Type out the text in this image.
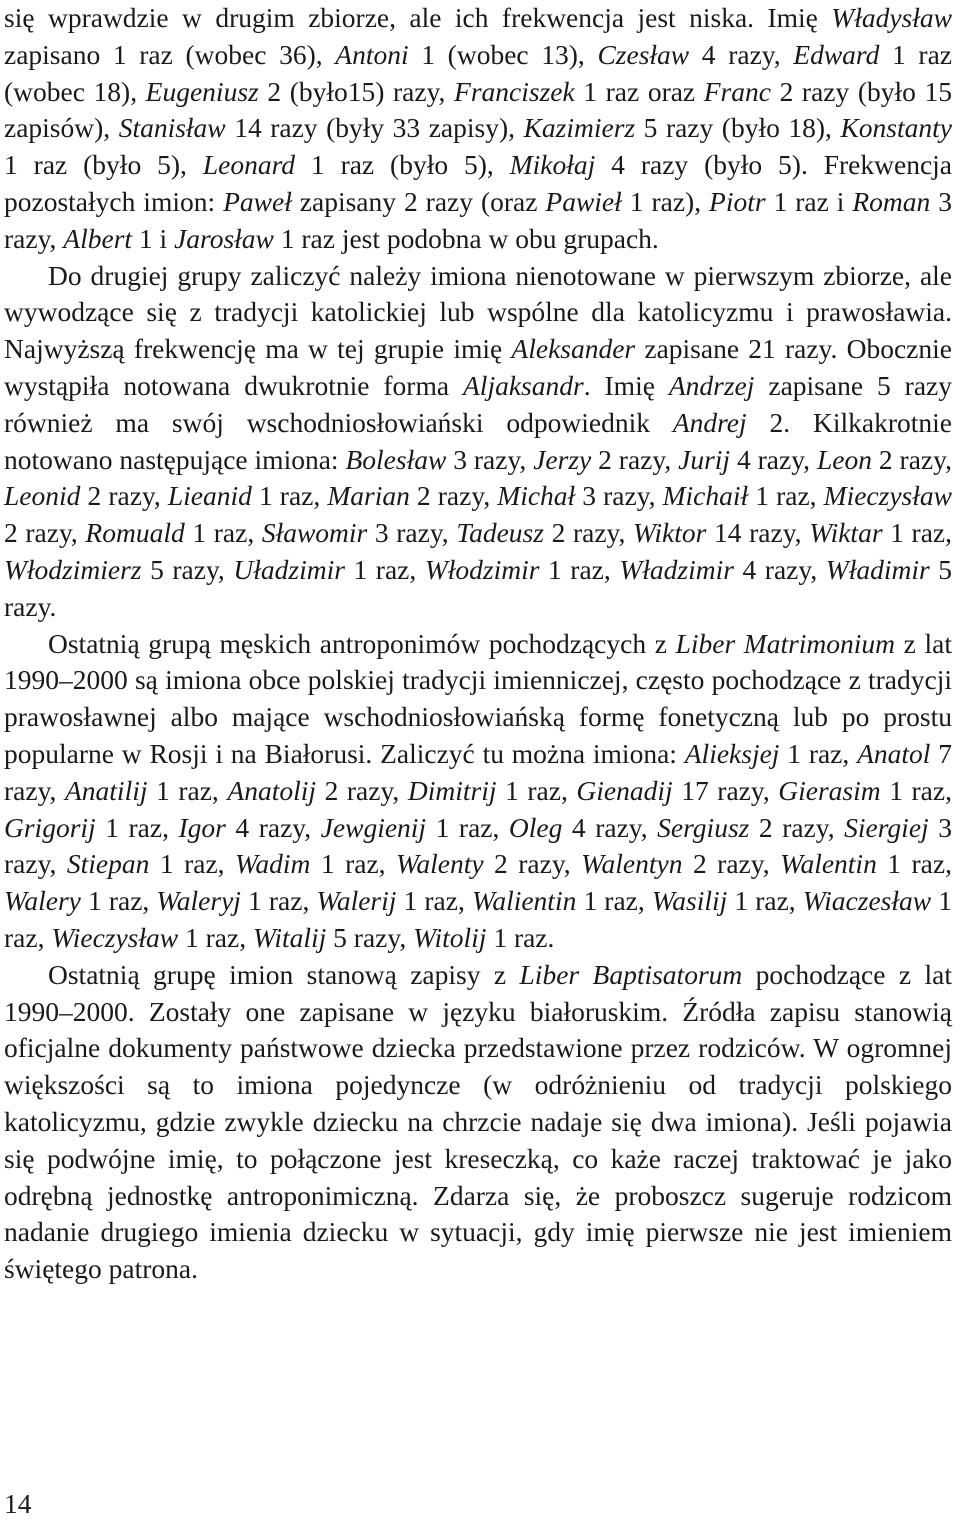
się wprawdzie w drugim zbiorze, ale ich frekwencja jest niska. Imię Władysław zapisano 1 raz (wobec 36), Antoni 1 (wobec 13), Czesław 4 razy, Edward 1 raz (wobec 18), Eugeniusz 2 (było15) razy, Franciszek 1 raz oraz Franc 2 razy (było 15 zapisów), Stanisław 14 razy (były 33 zapisy), Kazimierz 5 razy (było 18), Konstanty 1 raz (było 5), Leonard 1 raz (było 5), Mikołaj 4 razy (było 5). Frekwencja pozostałych imion: Paweł zapisany 2 razy (oraz Pawieł 1 raz), Piotr 1 raz i Roman 3 razy, Albert 1 i Jarosław 1 raz jest podobna w obu grupach.

Do drugiej grupy zaliczyć należy imiona nienotowane w pierwszym zbiorze, ale wywodzące się z tradycji katolickiej lub wspólne dla katolicyzmu i prawosławia. Najwyższą frekwencję ma w tej grupie imię Aleksander zapisane 21 razy. Obocznie wystąpiła notowana dwukrotnie forma Aljaksandr. Imię Andrzej zapisane 5 razy również ma swój wschodniosłowiański odpowiednik Andrej 2. Kilkakrotnie notowano następujące imiona: Bolesław 3 razy, Jerzy 2 razy, Jurij 4 razy, Leon 2 razy, Leonid 2 razy, Lieanid 1 raz, Marian 2 razy, Michał 3 razy, Michaił 1 raz, Mieczysław 2 razy, Romuald 1 raz, Sławomir 3 razy, Tadeusz 2 razy, Wiktor 14 razy, Wiktar 1 raz, Włodzimierz 5 razy, Uładzimir 1 raz, Włodzimir 1 raz, Władzimir 4 razy, Władimir 5 razy.

Ostatnią grupą męskich antroponimów pochodzących z Liber Matrimonium z lat 1990–2000 są imiona obce polskiej tradycji imienniczej, często pochodzące z tradycji prawosławnej albo mające wschodniosłowiańską formę fonetyczną lub po prostu popularne w Rosji i na Białorusi. Zaliczyć tu można imiona: Alieksjej 1 raz, Anatol 7 razy, Anatilij 1 raz, Anatolij 2 razy, Dimitrij 1 raz, Gienadij 17 razy, Gierasim 1 raz, Grigorij 1 raz, Igor 4 razy, Jewgienij 1 raz, Oleg 4 razy, Sergiusz 2 razy, Siergiej 3 razy, Stiepan 1 raz, Wadim 1 raz, Walenty 2 razy, Walentyn 2 razy, Walentin 1 raz, Walery 1 raz, Waleryj 1 raz, Walerij 1 raz, Walientin 1 raz, Wasilij 1 raz, Wiaczesław 1 raz, Wieczysław 1 raz, Witalij 5 razy, Witolij 1 raz.

Ostatnią grupę imion stanową zapisy z Liber Baptisatorum pochodzące z lat 1990–2000. Zostały one zapisane w języku białoruskim. Źródła zapisu stanowią oficjalne dokumenty państwowe dziecka przedstawione przez rodziców. W ogromnej większości są to imiona pojedyncze (w odróżnieniu od tradycji polskiego katolicyzmu, gdzie zwykle dziecku na chrzcie nadaje się dwa imiona). Jeśli pojawia się podwójne imię, to połączone jest kreseczką, co każe raczej traktować je jako odrębną jednostkę antroponimiczną. Zdarza się, że proboszcz sugeruje rodzicom nadanie drugiego imienia dziecku w sytuacji, gdy imię pierwsze nie jest imieniem świętego patrona.

14
